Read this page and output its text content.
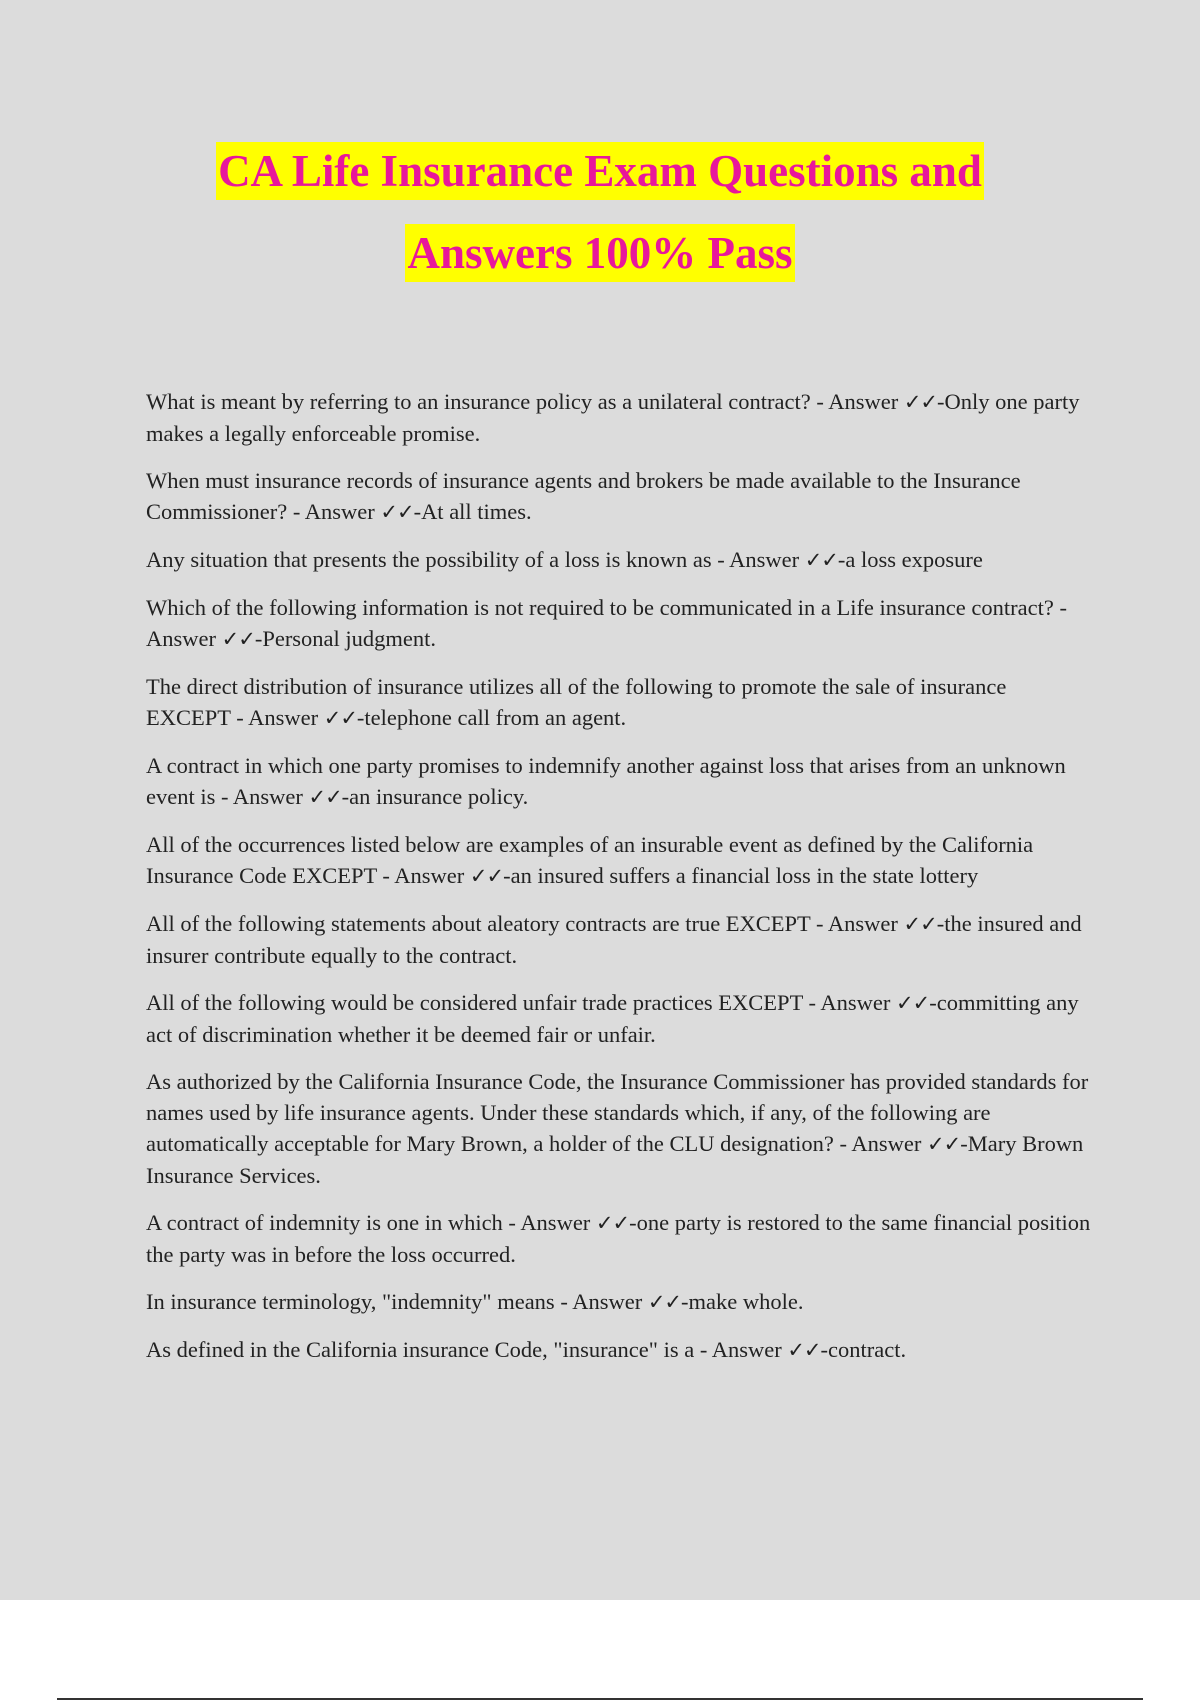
CA Life Insurance Exam Questions and
Answers 100% Pass

What is meant by referring to an insurance policy as a unilateral contract? - Answer ✓✓-Only one party makes a legally enforceable promise.

When must insurance records of insurance agents and brokers be made available to the Insurance Commissioner? - Answer ✓✓-At all times.

Any situation that presents the possibility of a loss is known as - Answer ✓✓-a loss exposure

Which of the following information is not required to be communicated in a Life insurance contract? - Answer ✓✓-Personal judgment.

The direct distribution of insurance utilizes all of the following to promote the sale of insurance EXCEPT - Answer ✓✓-telephone call from an agent.

A contract in which one party promises to indemnify another against loss that arises from an unknown event is - Answer ✓✓-an insurance policy.

All of the occurrences listed below are examples of an insurable event as defined by the California Insurance Code EXCEPT - Answer ✓✓-an insured suffers a financial loss in the state lottery

All of the following statements about aleatory contracts are true EXCEPT - Answer ✓✓-the insured and insurer contribute equally to the contract.

All of the following would be considered unfair trade practices EXCEPT - Answer ✓✓-committing any act of discrimination whether it be deemed fair or unfair.

As authorized by the California Insurance Code, the Insurance Commissioner has provided standards for names used by life insurance agents. Under these standards which, if any, of the following are automatically acceptable for Mary Brown, a holder of the CLU designation? - Answer ✓✓-Mary Brown Insurance Services.

A contract of indemnity is one in which - Answer ✓✓-one party is restored to the same financial position the party was in before the loss occurred.

In insurance terminology, "indemnity" means - Answer ✓✓-make whole.

As defined in the California insurance Code, "insurance" is a - Answer ✓✓-contract.
